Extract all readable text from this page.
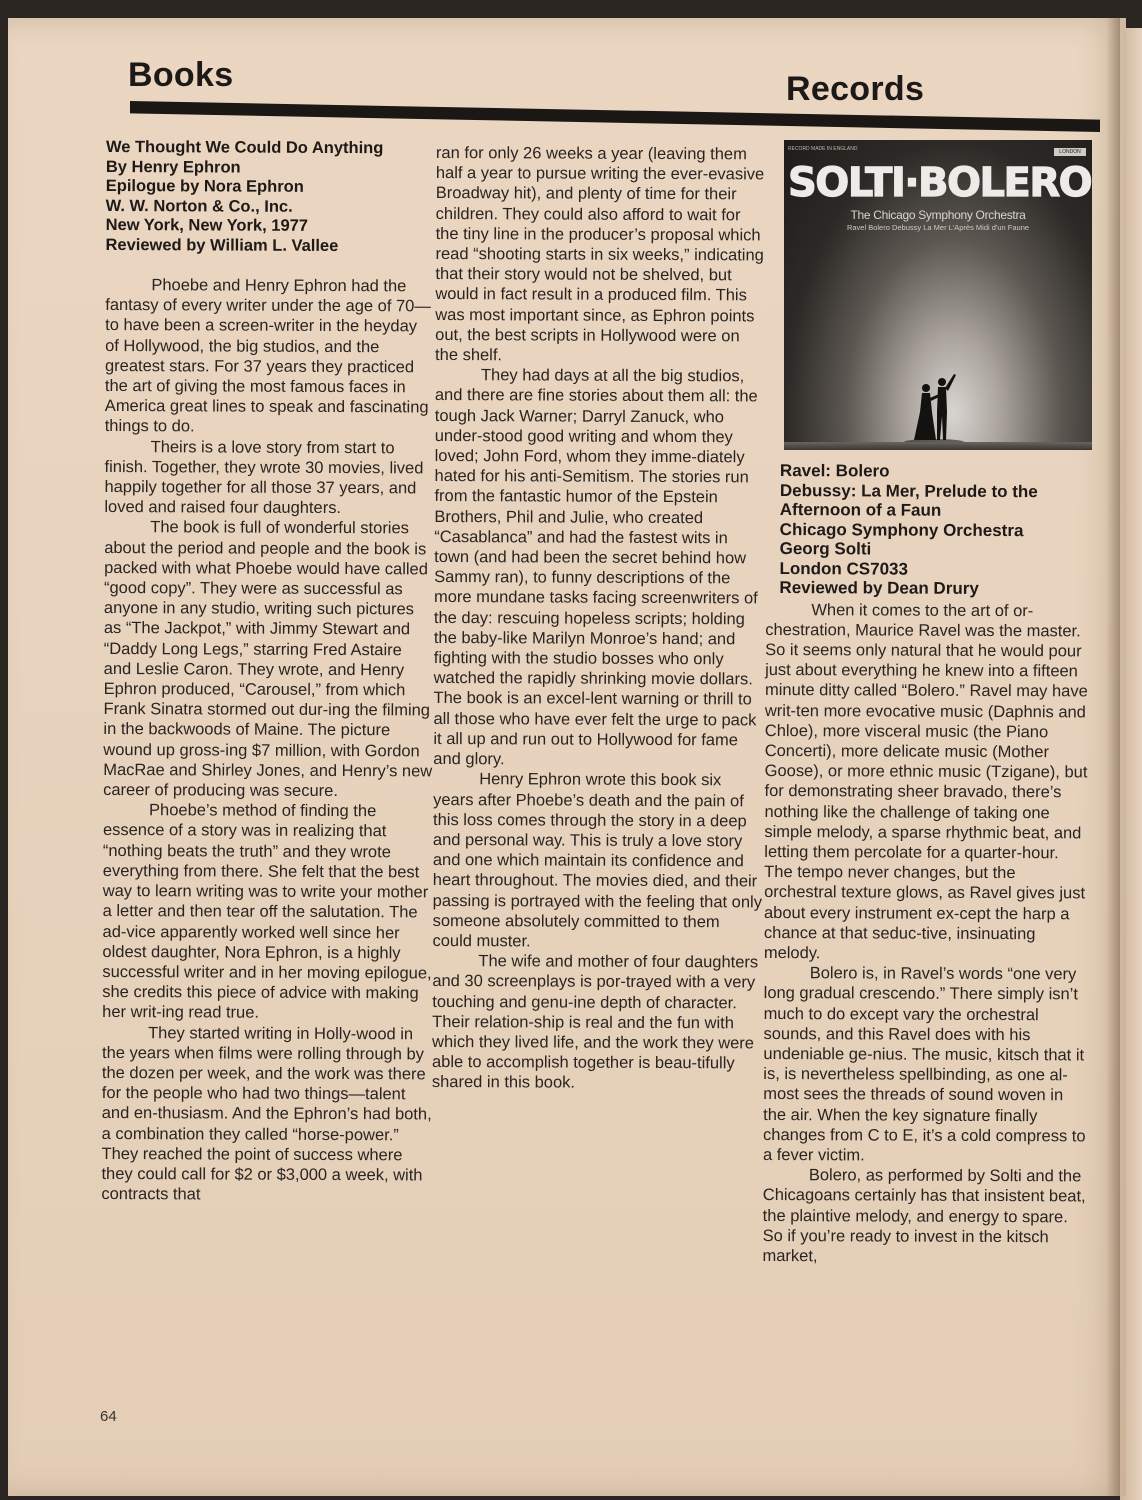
Books	Records
We Thought We Could Do Anything
By Henry Ephron
Epilogue by Nora Ephron
W. W. Norton & Co., Inc.
New York, New York, 1977
Reviewed by William L. Vallee

Phoebe and Henry Ephron had the fantasy of every writer under the age of 70—to have been a screen-writer in the heyday of Hollywood, the big studios, and the greatest stars. For 37 years they practiced the art of giving the most famous faces in America great lines to speak and fascinating things to do.

Theirs is a love story from start to finish. Together, they wrote 30 movies, lived happily together for all those 37 years, and loved and raised four daughters.

The book is full of wonderful stories about the period and people and the book is packed with what Phoebe would have called “good copy”. They were as successful as anyone in any studio, writing such pictures as “The Jackpot,” with Jimmy Stewart and “Daddy Long Legs,” starring Fred Astaire and Leslie Caron. They wrote, and Henry Ephron produced, “Carousel,” from which Frank Sinatra stormed out dur-ing the filming in the backwoods of Maine. The picture wound up gross-ing $7 million, with Gordon MacRae and Shirley Jones, and Henry’s new career of producing was secure.

Phoebe’s method of finding the essence of a story was in realizing that “nothing beats the truth” and they wrote everything from there. She felt that the best way to learn writing was to write your mother a letter and then tear off the salutation. The ad-vice apparently worked well since her oldest daughter, Nora Ephron, is a highly successful writer and in her moving epilogue, she credits this piece of advice with making her writ-ing read true.

They started writing in Holly-wood in the years when films were rolling through by the dozen per week, and the work was there for the people who had two things—talent and en-thusiasm. And the Ephron’s had both, a combination they called “horse-power.” They reached the point of success where they could call for $2 or $3,000 a week, with contracts that

ran for only 26 weeks a year (leaving them half a year to pursue writing the ever-evasive Broadway hit), and plenty of time for their children. They could also afford to wait for the tiny line in the producer’s proposal which read “shooting starts in six weeks,” indicating that their story would not be shelved, but would in fact result in a produced film. This was most important since, as Ephron points out, the best scripts in Hollywood were on the shelf.

They had days at all the big studios, and there are fine stories about them all: the tough Jack Warner; Darryl Zanuck, who under-stood good writing and whom they loved; John Ford, whom they imme-diately hated for his anti-Semitism. The stories run from the fantastic humor of the Epstein Brothers, Phil and Julie, who created “Casablanca” and had the fastest wits in town (and had been the secret behind how Sammy ran), to funny descriptions of the more mundane tasks facing screenwriters of the day: rescuing hopeless scripts; holding the baby-like Marilyn Monroe’s hand; and fighting with the studio bosses who only watched the rapidly shrinking movie dollars. The book is an excel-lent warning or thrill to all those who have ever felt the urge to pack it all up and run out to Hollywood for fame and glory.

Henry Ephron wrote this book six years after Phoebe’s death and the pain of this loss comes through the story in a deep and personal way. This is truly a love story and one which maintain its confidence and heart throughout. The movies died, and their passing is portrayed with the feeling that only someone absolutely committed to them could muster.

The wife and mother of four daughters and 30 screenplays is por-trayed with a very touching and genu-ine depth of character. Their relation-ship is real and the fun with which they lived life, and the work they were able to accomplish together is beau-tifully shared in this book.

RECORD MADE IN ENGLAND	LONDON
SOLTI·BOLERO
The Chicago Symphony Orchestra
Ravel Bolero Debussy La Mer L'Après Midi d'un Faune
Ravel: Bolero
Debussy: La Mer, Prelude to the
Afternoon of a Faun
Chicago Symphony Orchestra
Georg Solti
London CS7033
Reviewed by Dean Drury

When it comes to the art of or-chestration, Maurice Ravel was the master. So it seems only natural that he would pour just about everything he knew into a fifteen minute ditty called “Bolero.” Ravel may have writ-ten more evocative music (Daphnis and Chloe), more visceral music (the Piano Concerti), more delicate music (Mother Goose), or more ethnic music (Tzigane), but for demonstrating sheer bravado, there’s nothing like the challenge of taking one simple melody, a sparse rhythmic beat, and letting them percolate for a quarter-hour. The tempo never changes, but the orchestral texture glows, as Ravel gives just about every instrument ex-cept the harp a chance at that seduc-tive, insinuating melody.

Bolero is, in Ravel’s words “one very long gradual crescendo.” There simply isn’t much to do except vary the orchestral sounds, and this Ravel does with his undeniable ge-nius. The music, kitsch that it is, is nevertheless spellbinding, as one al-most sees the threads of sound woven in the air. When the key signature finally changes from C to E, it’s a cold compress to a fever victim.

Bolero, as performed by Solti and the Chicagoans certainly has that insistent beat, the plaintive melody, and energy to spare. So if you’re ready to invest in the kitsch market,

64
